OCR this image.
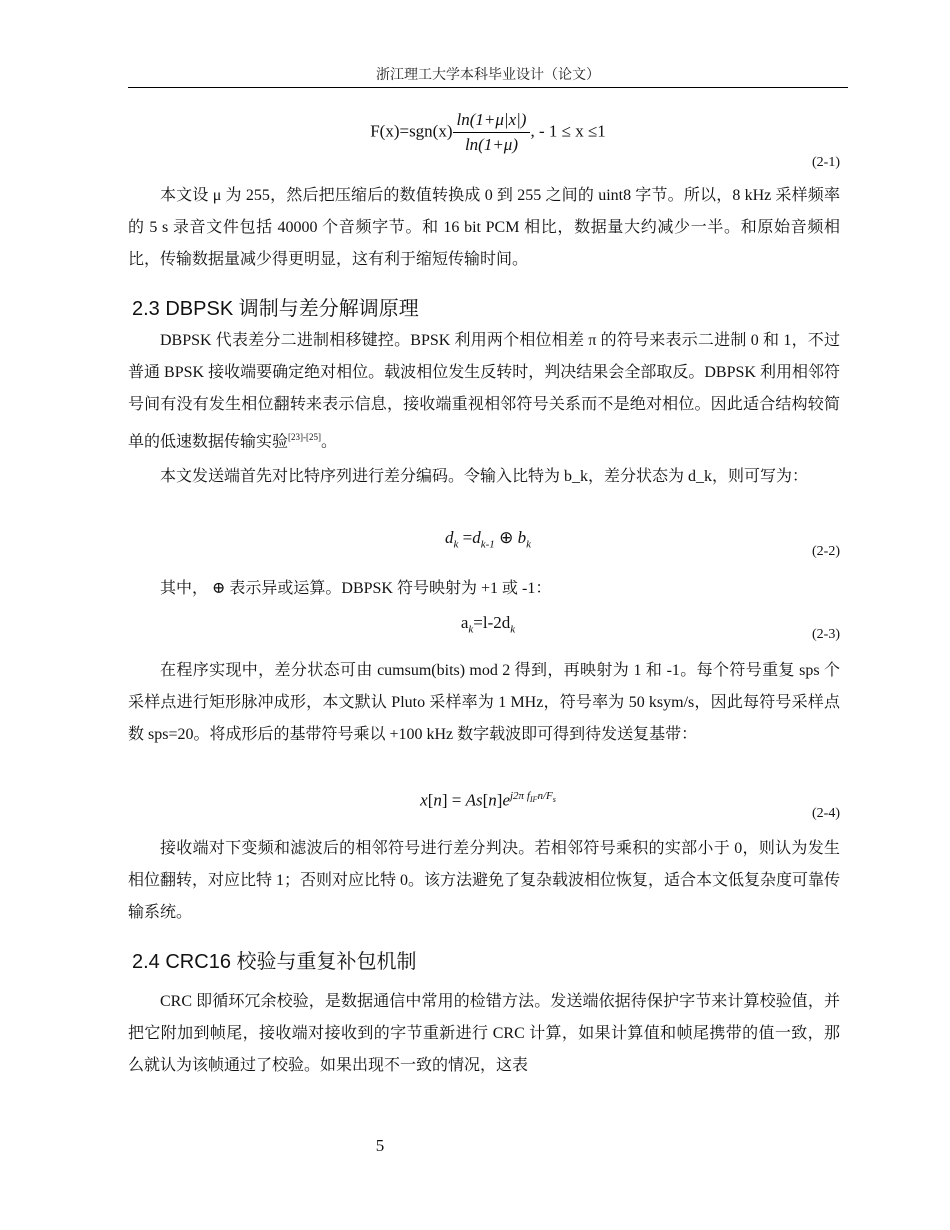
浙江理工大学本科毕业设计（论文）
$F(x)=sgn(x) \frac{\ln(1+\mu|x|)}{\ln(1+\mu)}$ , - 1 ≤ x ≤1
(2-1)
本文设 μ 为 255，然后把压缩后的数值转换成 0 到 255 之间的 uint8 字节。所以，8 kHz 采样频率的 5 s 录音文件包括 40000 个音频字节。和 16 bit PCM 相比，数据量大约减少一半。和原始音频相比，传输数据量减少得更明显，这有利于缩短传输时间。
2.3 DBPSK 调制与差分解调原理
DBPSK 代表差分二进制相移键控。BPSK 利用两个相位相差 π 的符号来表示二进制 0 和 1，不过普通 BPSK 接收端要确定绝对相位。载波相位发生反转时，判决结果会全部取反。DBPSK 利用相邻符号间有没有发生相位翻转来表示信息，接收端重视相邻符号关系而不是绝对相位。因此适合结构较简单的低速数据传输实验[23]-[25]。
本文发送端首先对比特序列进行差分编码。令输入比特为 b_k，差分状态为 d_k，则可写为：
$d_k =d_{k-1}$ ⊕ $b_k$	(2-2)
其中， ⊕ 表示异或运算。DBPSK 符号映射为 +1 或 -1：
$a_k=l-2d_k$	(2-3)
在程序实现中，差分状态可由 cumsum(bits) mod 2 得到，再映射为 1 和 -1。每个符号重复 sps 个采样点进行矩形脉冲成形，本文默认 Pluto 采样率为 1 MHz，符号率为 50 ksym/s，因此每符号采样点数 sps=20。将成形后的基带符号乘以 +100 kHz 数字载波即可得到待发送复基带：
$x[n] = As[n]e^{j2\pi f_{IF}n/F_s}$
(2-4)
接收端对下变频和滤波后的相邻符号进行差分判决。若相邻符号乘积的实部小于 0，则认为发生相位翻转，对应比特 1；否则对应比特 0。该方法避免了复杂载波相位恢复，适合本文低复杂度可靠传输系统。
2.4 CRC16 校验与重复补包机制
CRC 即循环冗余校验，是数据通信中常用的检错方法。发送端依据待保护字节来计算校验值，并把它附加到帧尾，接收端对接收到的字节重新进行 CRC 计算，如果计算值和帧尾携带的值一致，那么就认为该帧通过了校验。如果出现不一致的情况，这表
5
